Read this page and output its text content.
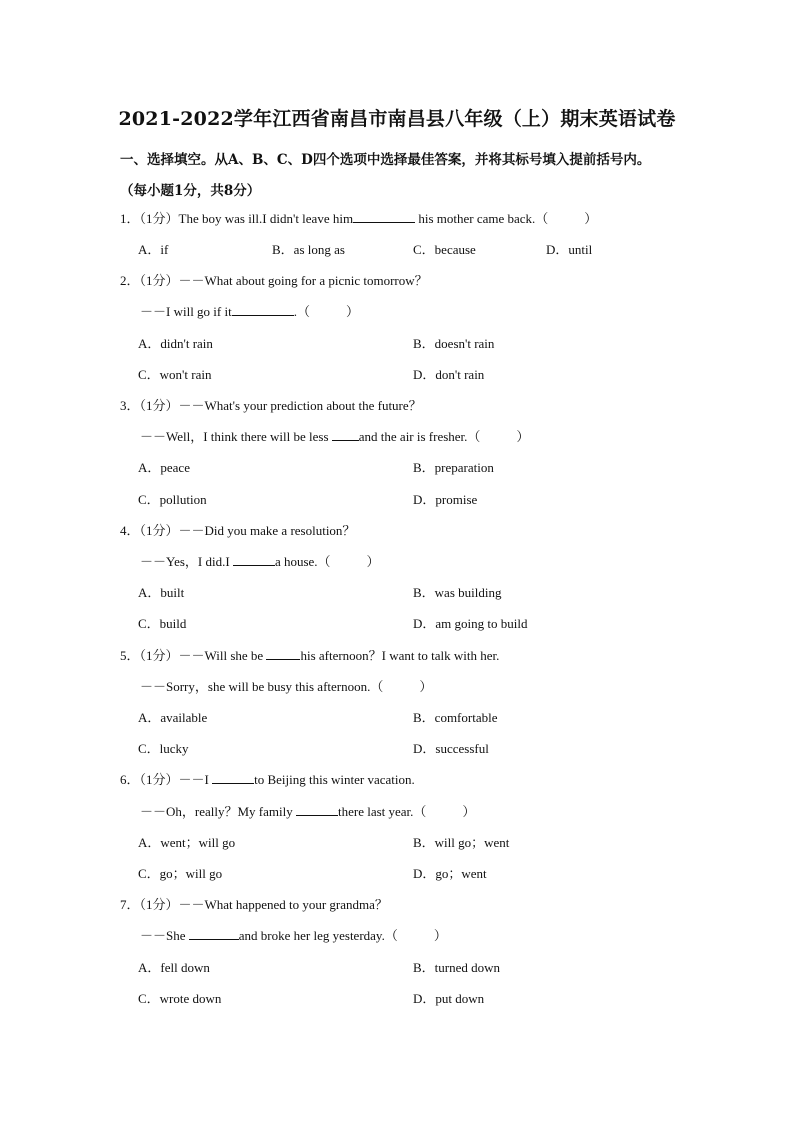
2021-2022学年江西省南昌市南昌县八年级（上）期末英语试卷
一、选择填空。从A、B、C、D四个选项中选择最佳答案，并将其标号填入提前括号内。
（每小题1分，共8分）
1．（1分）The boy was ill.I didn't leave him	his mother came back.（	）
A．if	B．as long as	C．because	D．until
2．（1分）－－What about going for a picnic tomorrow？
－－I will go if it	.（	）
A．didn't rain	B．doesn't rain
C．won't rain	D．don't rain
3．（1分）－－What's your prediction about the future？
－－Well，I think there will be less and the air is fresher.（	）
A．peace	B．preparation
C．pollution	D．promise
4．（1分）－－Did you make a resolution？
－－Yes，I did.I	a house.（	）
A．built	B．was building
C．build	D．am going to build
5．（1分）－－Will she be	his afternoon？I want to talk with her.
－－Sorry，she will be busy this afternoon.（	）
A．available	B．comfortable
C．lucky	D．successful
6．（1分）－－I	to Beijing this winter vacation.
－－Oh，really？My family	there last year.（	）
A．went；will go	B．will go；went
C．go；will go	D．go；went
7．（1分）－－What happened to your grandma？
－－She	and broke her leg yesterday.（	）
A．fell down	B．turned down
C．wrote down	D．put down
